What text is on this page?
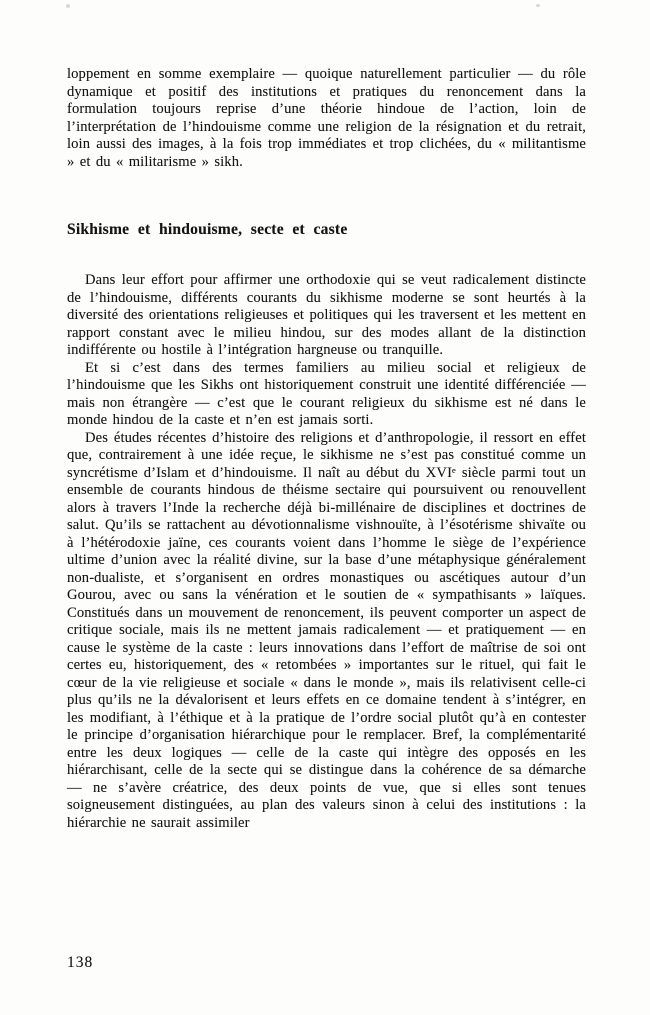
loppement en somme exemplaire — quoique naturellement particulier — du rôle dynamique et positif des institutions et pratiques du renoncement dans la formulation toujours reprise d’une théorie hindoue de l’action, loin de l’interprétation de l’hindouisme comme une religion de la résignation et du retrait, loin aussi des images, à la fois trop immédiates et trop clichées, du « militantisme » et du « militarisme » sikh.

Sikhisme et hindouisme, secte et caste

Dans leur effort pour affirmer une orthodoxie qui se veut radicalement distincte de l’hindouisme, différents courants du sikhisme moderne se sont heurtés à la diversité des orientations religieuses et politiques qui les traversent et les mettent en rapport constant avec le milieu hindou, sur des modes allant de la distinction indifférente ou hostile à l’intégration hargneuse ou tranquille.

Et si c’est dans des termes familiers au milieu social et religieux de l’hindouisme que les Sikhs ont historiquement construit une identité différenciée — mais non étrangère — c’est que le courant religieux du sikhisme est né dans le monde hindou de la caste et n’en est jamais sorti.

Des études récentes d’histoire des religions et d’anthropologie, il ressort en effet que, contrairement à une idée reçue, le sikhisme ne s’est pas constitué comme un syncrétisme d’Islam et d’hindouisme. Il naît au début du XVIᵉ siècle parmi tout un ensemble de courants hindous de théisme sectaire qui poursuivent ou renouvellent alors à travers l’Inde la recherche déjà bi-millénaire de disciplines et doctrines de salut. Qu’ils se rattachent au dévotionnalisme vishnouïte, à l’ésotérisme shivaïte ou à l’hétérodoxie jaïne, ces courants voient dans l’homme le siège de l’expérience ultime d’union avec la réalité divine, sur la base d’une métaphysique généralement non-dualiste, et s’organisent en ordres monastiques ou ascétiques autour d’un Gourou, avec ou sans la vénération et le soutien de « sympathisants » laïques. Constitués dans un mouvement de renoncement, ils peuvent comporter un aspect de critique sociale, mais ils ne mettent jamais radicalement — et pratiquement — en cause le système de la caste : leurs innovations dans l’effort de maîtrise de soi ont certes eu, historiquement, des « retombées » importantes sur le rituel, qui fait le cœur de la vie religieuse et sociale « dans le monde », mais ils relativisent celle-ci plus qu’ils ne la dévalorisent et leurs effets en ce domaine tendent à s’intégrer, en les modifiant, à l’éthique et à la pratique de l’ordre social plutôt qu’à en contester le principe d’organisation hiérarchique pour le remplacer. Bref, la complémentarité entre les deux logiques — celle de la caste qui intègre des opposés en les hiérarchisant, celle de la secte qui se distingue dans la cohérence de sa démarche — ne s’avère créatrice, des deux points de vue, que si elles sont tenues soigneusement distinguées, au plan des valeurs sinon à celui des institutions : la hiérarchie ne saurait assimiler

138
